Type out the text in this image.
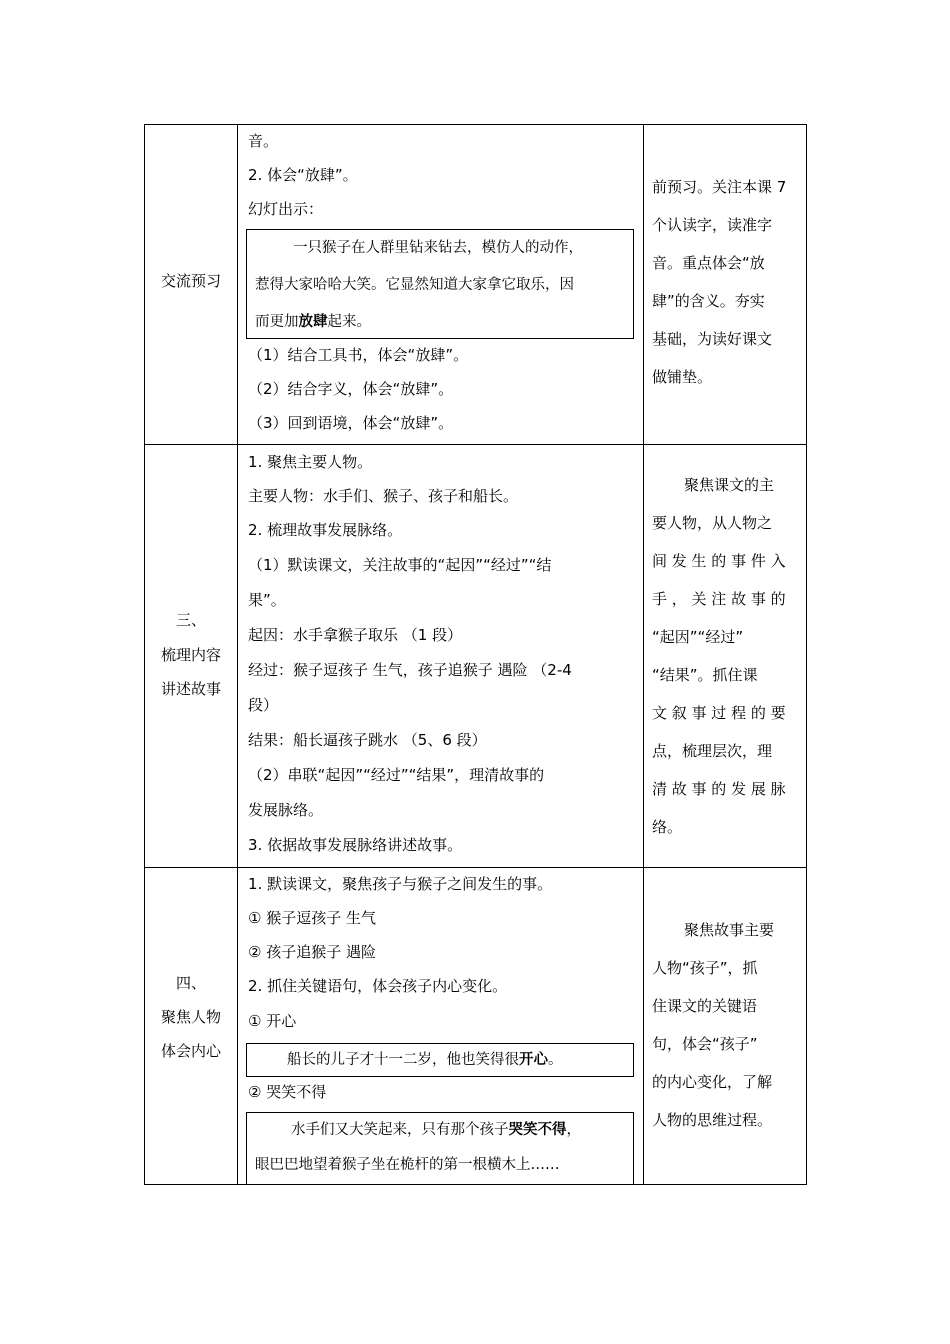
交流预习
音。
2. 体会“放肆”。
幻灯出示：
一只猴子在人群里钻来钻去，模仿人的动作，
惹得大家哈哈大笑。它显然知道大家拿它取乐，因
而更加放肆起来。
（1）结合工具书，体会“放肆”。
（2）结合字义，体会“放肆”。
（3）回到语境，体会“放肆”。
前预习。关注本课 7
个认读字，读准字
音。重点体会“放
肆”的含义。夯实
基础，为读好课文
做铺垫。
三、
梳理内容
讲述故事
1. 聚焦主要人物。
主要人物：水手们、猴子、孩子和船长。
2. 梳理故事发展脉络。
（1）默读课文，关注故事的“起因”“经过”“结
果”。
起因：水手拿猴子取乐 （1 段）
经过：猴子逗孩子 生气，孩子追猴子 遇险 （2-4
段）
结果：船长逼孩子跳水 （5、6 段）
（2）串联“起因”“经过”“结果”，理清故事的
发展脉络。
3. 依据故事发展脉络讲述故事。
聚焦课文的主
要人物，从人物之
间 发 生 的 事 件 入
手 ， 关 注 故 事 的
“起因”“经过”
“结果”。抓住课
文 叙 事 过 程 的 要
点，梳理层次，理
清 故 事 的 发 展 脉
络。
四、
聚焦人物
体会内心
1. 默读课文，聚焦孩子与猴子之间发生的事。
① 猴子逗孩子 生气
② 孩子追猴子 遇险
2. 抓住关键语句，体会孩子内心变化。
① 开心
船长的儿子才十一二岁，他也笑得很开心。
② 哭笑不得
水手们又大笑起来，只有那个孩子哭笑不得，
眼巴巴地望着猴子坐在桅杆的第一根横木上……
聚焦故事主要
人物“孩子”，抓
住课文的关键语
句，体会“孩子”
的内心变化，了解
人物的思维过程。
